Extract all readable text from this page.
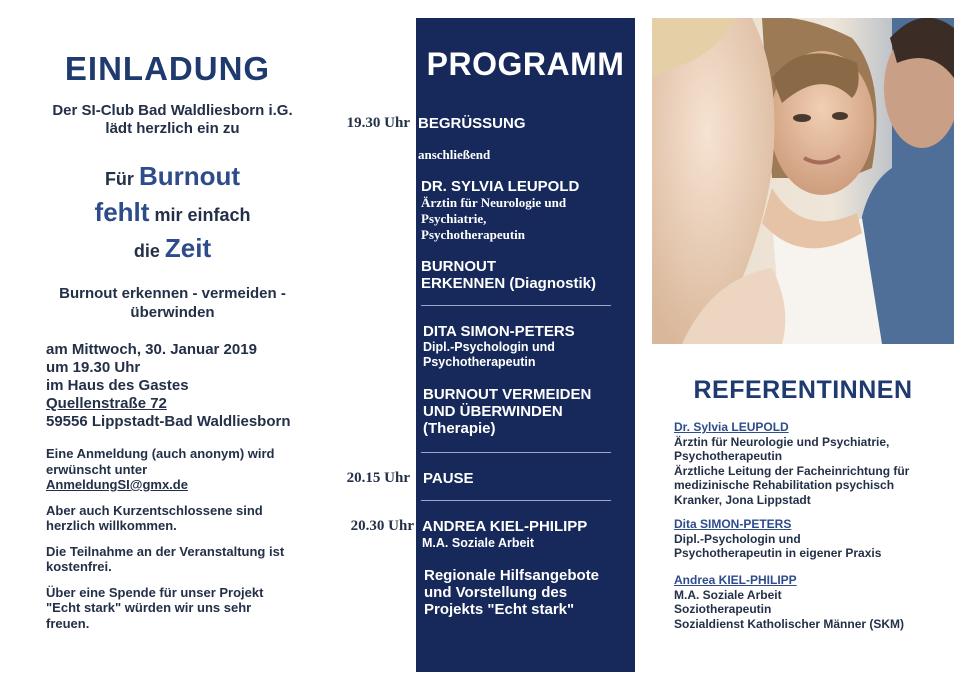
EINLADUNG
Der SI-Club Bad Waldliesborn i.G.
lädt herzlich ein zu
Für Burnout
fehlt mir einfach
die Zeit
Burnout erkennen - vermeiden -
überwinden
am Mittwoch, 30. Januar 2019
um 19.30 Uhr
im Haus des Gastes
Quellenstraße 72
59556 Lippstadt-Bad Waldliesborn

Eine Anmeldung (auch anonym) wird
erwünscht unter
AnmeldungSI@gmx.de

Aber auch Kurzentschlossene sind
herzlich willkommen.

Die Teilnahme an der Veranstaltung ist
kostenfrei.

Über eine Spende für unser Projekt
"Echt stark" würden wir uns sehr
freuen.

PROGRAMM
19.30 Uhr BEGRÜSSUNG
anschließend
DR. SYLVIA LEUPOLD
Ärztin für Neurologie und
Psychiatrie,
Psychotherapeutin
BURNOUT
ERKENNEN (Diagnostik)
DITA SIMON-PETERS
Dipl.-Psychologin und
Psychotherapeutin
BURNOUT VERMEIDEN
UND ÜBERWINDEN
(Therapie)
20.15 Uhr PAUSE
20.30 Uhr ANDREA KIEL-PHILIPP
M.A. Soziale Arbeit
Regionale Hilfsangebote
und Vorstellung des
Projekts "Echt stark"
REFERENTINNEN
Dr. Sylvia LEUPOLD
Ärztin für Neurologie und Psychiatrie,
Psychotherapeutin
Ärztliche Leitung der Facheinrichtung für
medizinische Rehabilitation psychisch
Kranker, Jona Lippstadt
Dita SIMON-PETERS
Dipl.-Psychologin und
Psychotherapeutin in eigener Praxis
Andrea KIEL-PHILIPP
M.A. Soziale Arbeit
Soziotherapeutin
Sozialdienst Katholischer Männer (SKM)
